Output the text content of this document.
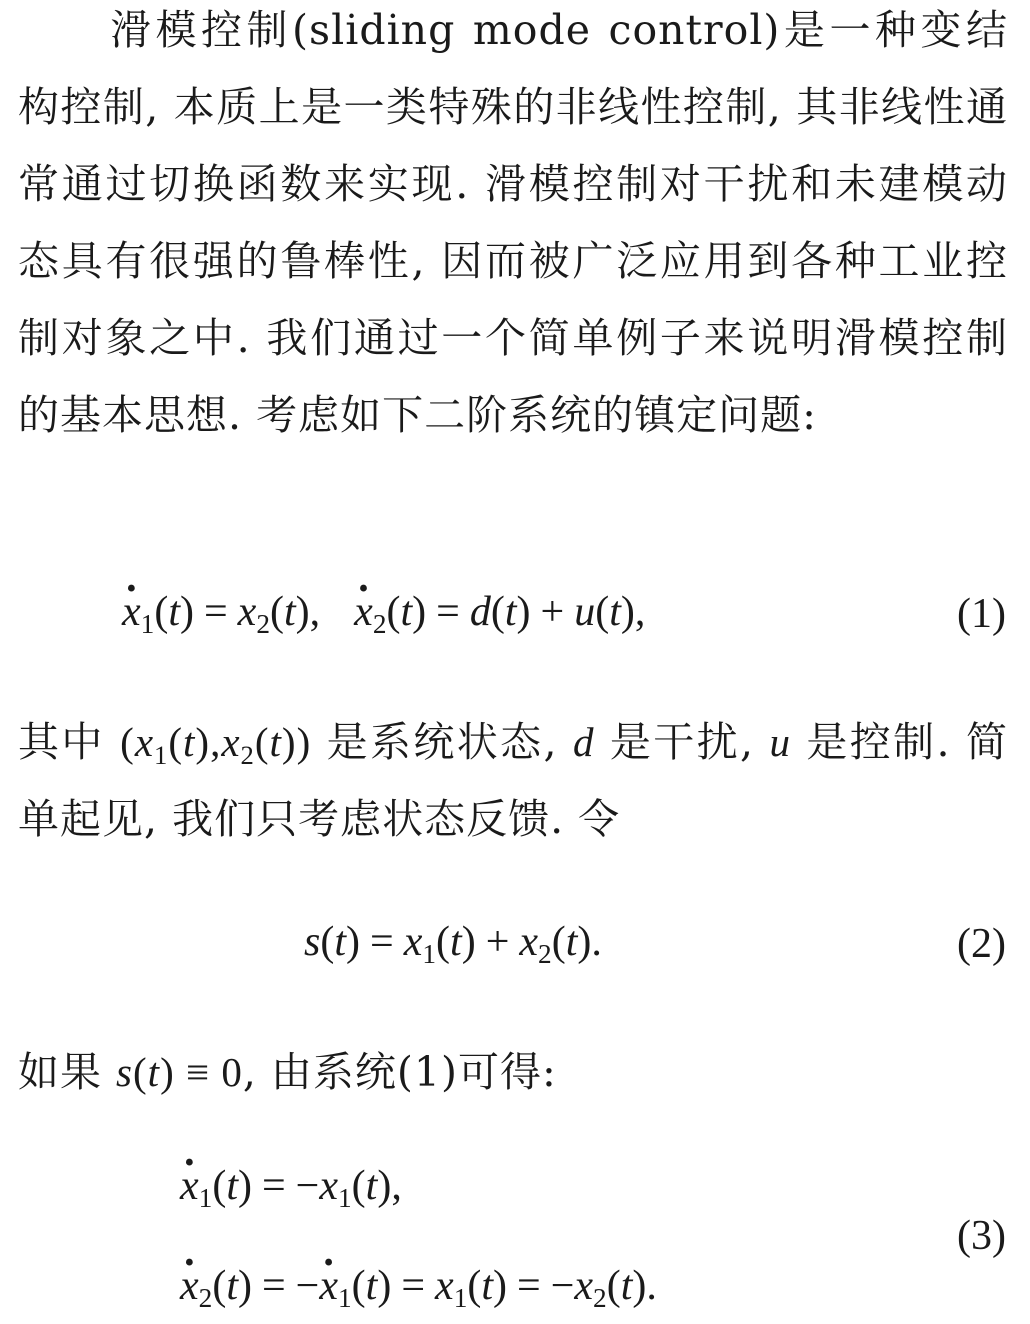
滑模控制(sliding mode control)是一种变结构控制, 本质上是一类特殊的非线性控制, 其非线性通常通过切换函数来实现. 滑模控制对干扰和未建模动态具有很强的鲁棒性, 因而被广泛应用到各种工业控制对象之中. 我们通过一个简单例子来说明滑模控制的基本思想. 考虑如下二阶系统的镇定问题:

· $x_1(t) = x_2(t),\cdot x_2(t) = d(t) + u(t)$,	(1)

其中 $(x_1(t),x_2(t))$ 是系统状态, d 是干扰, u 是控制. 简单起见, 我们只考虑状态反馈. 令

$s(t) = x_1(t) + x_2(t)$.	(2)

如果 s(t) ≡ 0, 由系统(1)可得:

· $x_1(t) = -x_1(t)$,
· $x_2(t)$ = −· $x_1(t) = x_1(t) = -x_2(t)$.
(3)
